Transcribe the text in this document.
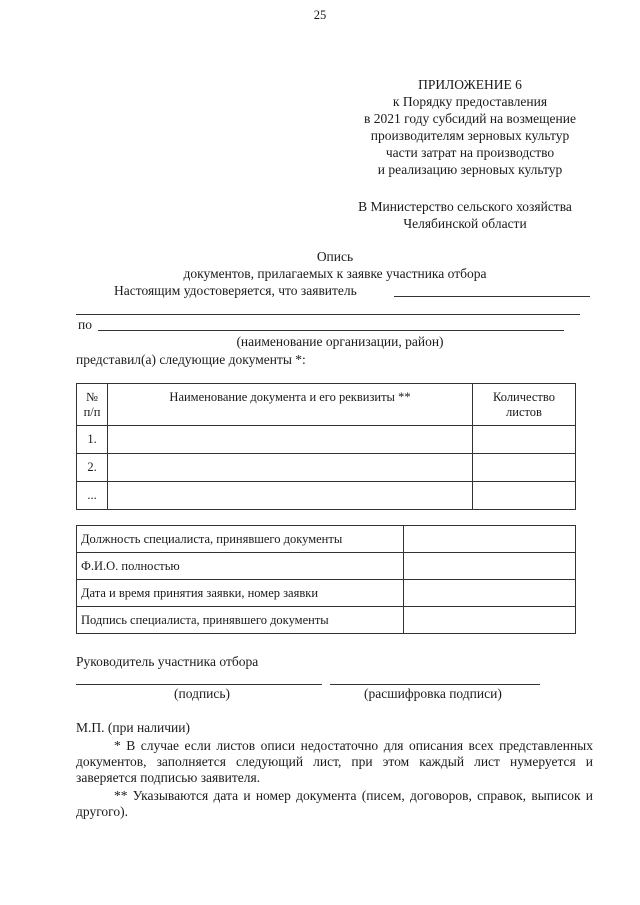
25
ПРИЛОЖЕНИЕ 6
к Порядку предоставления
в 2021 году субсидий на возмещение
производителям зерновых культур
части затрат на производство
и реализацию зерновых культур
В Министерство сельского хозяйства
Челябинской области
Опись
документов, прилагаемых к заявке участника отбора
Настоящим удостоверяется, что заявитель
по
(наименование организации, район)
представил(а) следующие документы *:
№ п/п	Наименование документа и его реквизиты **	Количество листов
1.		
2.		
...		
Должность специалиста, принявшего документы	
Ф.И.О. полностью	
Дата и время принятия заявки, номер заявки	
Подпись специалиста, принявшего документы	
Руководитель участника отбора
(подпись)	(расшифровка подписи)
М.П. (при наличии)
* В случае если листов описи недостаточно для описания всех представленных документов, заполняется следующий лист, при этом каждый лист нумеруется и заверяется подписью заявителя.
** Указываются дата и номер документа (писем, договоров, справок, выписок и другого).
